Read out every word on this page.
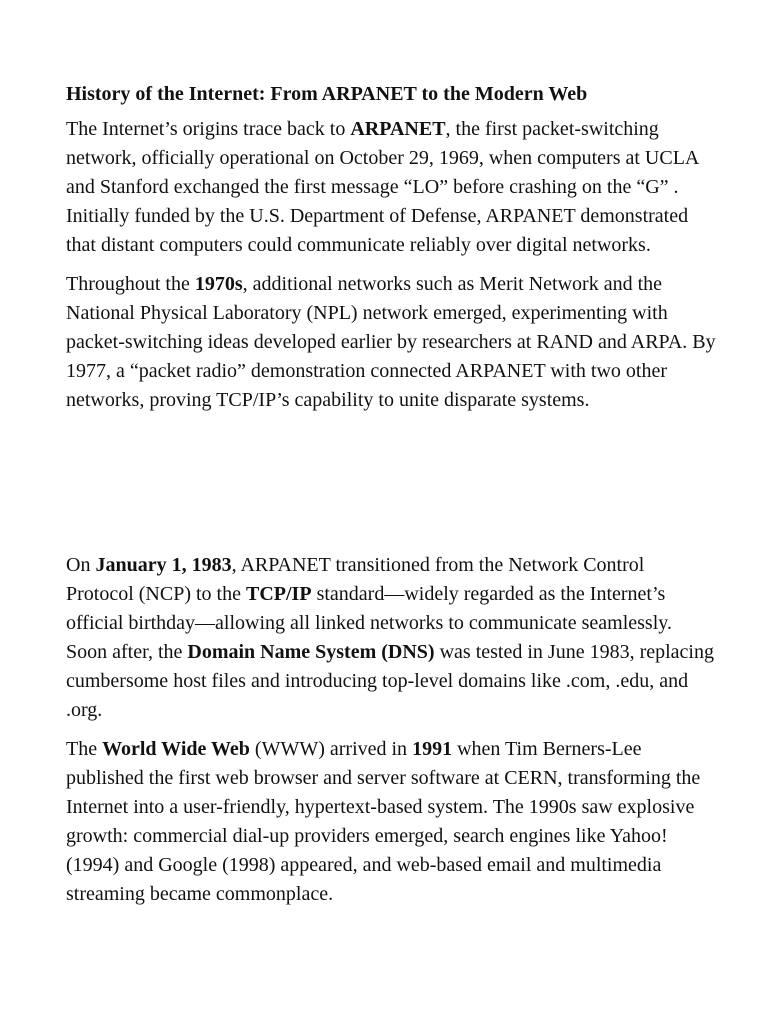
History of the Internet: From ARPANET to the Modern Web

The Internet’s origins trace back to ARPANET, the first packet-switching network, officially operational on October 29, 1969, when computers at UCLA and Stanford exchanged the first message “LO” before crashing on the “G” . Initially funded by the U.S. Department of Defense, ARPANET demonstrated that distant computers could communicate reliably over digital networks.

Throughout the 1970s, additional networks such as Merit Network and the National Physical Laboratory (NPL) network emerged, experimenting with packet-switching ideas developed earlier by researchers at RAND and ARPA. By 1977, a “packet radio” demonstration connected ARPANET with two other networks, proving TCP/IP’s capability to unite disparate systems.

On January 1, 1983, ARPANET transitioned from the Network Control Protocol (NCP) to the TCP/IP standard—widely regarded as the Internet’s official birthday—allowing all linked networks to communicate seamlessly. Soon after, the Domain Name System (DNS) was tested in June 1983, replacing cumbersome host files and introducing top-level domains like .com, .edu, and .org.

The World Wide Web (WWW) arrived in 1991 when Tim Berners-Lee published the first web browser and server software at CERN, transforming the Internet into a user-friendly, hypertext-based system. The 1990s saw explosive growth: commercial dial-up providers emerged, search engines like Yahoo! (1994) and Google (1998) appeared, and web-based email and multimedia streaming became commonplace.
